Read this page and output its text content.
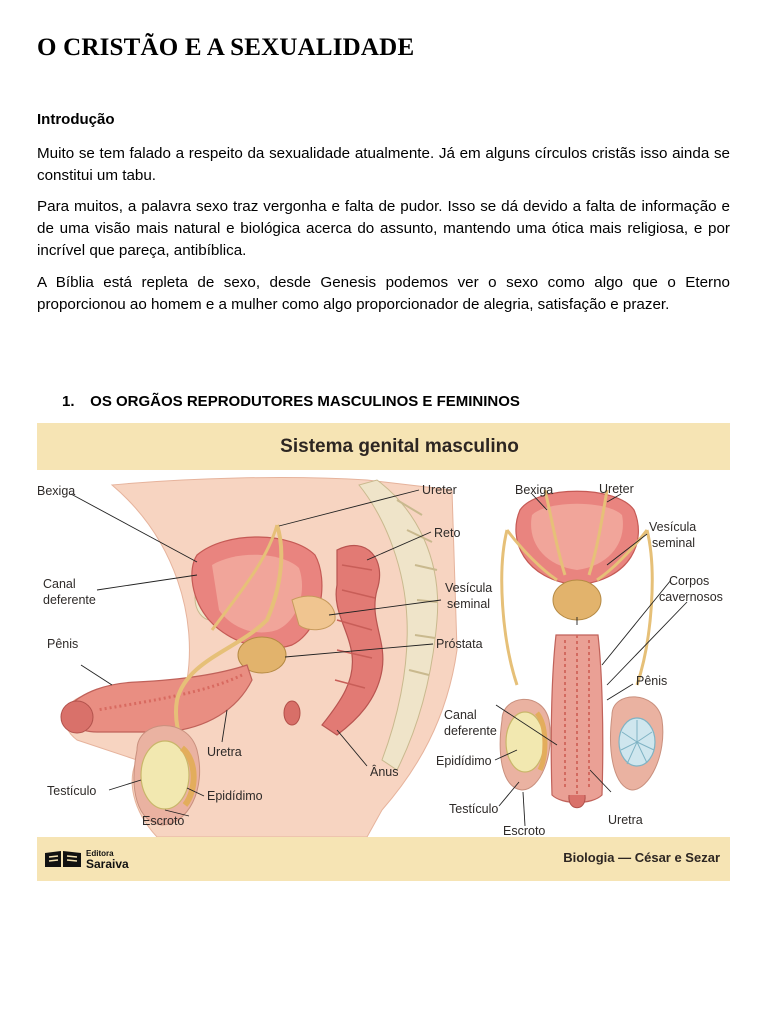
O CRISTÃO E A SEXUALIDADE

Introdução

Muito se tem falado a respeito da sexualidade atualmente. Já em alguns círculos cristãs isso ainda se constitui um tabu.

Para muitos, a palavra sexo traz vergonha e falta de pudor. Isso se dá devido a falta de informação e de uma visão mais natural e biológica acerca do assunto, mantendo uma ótica mais religiosa, e por incrível que pareça, antibíblica.

A Bíblia está repleta de sexo, desde Genesis podemos ver o sexo como algo que o Eterno proporcionou ao homem e a mulher como algo proporcionador de alegria, satisfação e prazer.

1. OS ORGÃOS REPRODUTORES MASCULINOS E FEMININOS

Sistema genital masculino

Bexiga	Ureter
Reto
Canal
deferente
Vesícula
seminal
Pênis	Próstata
Uretra
Ânus
Testículo	Epidídimo
Escroto
Bexiga	Ureter
Vesícula
seminal
Corpos
cavernosos
Pênis
Canal
deferente
Epidídimo
Testículo
Uretra
Escroto
Editora
Saraiva	Biologia — César e Sezar
